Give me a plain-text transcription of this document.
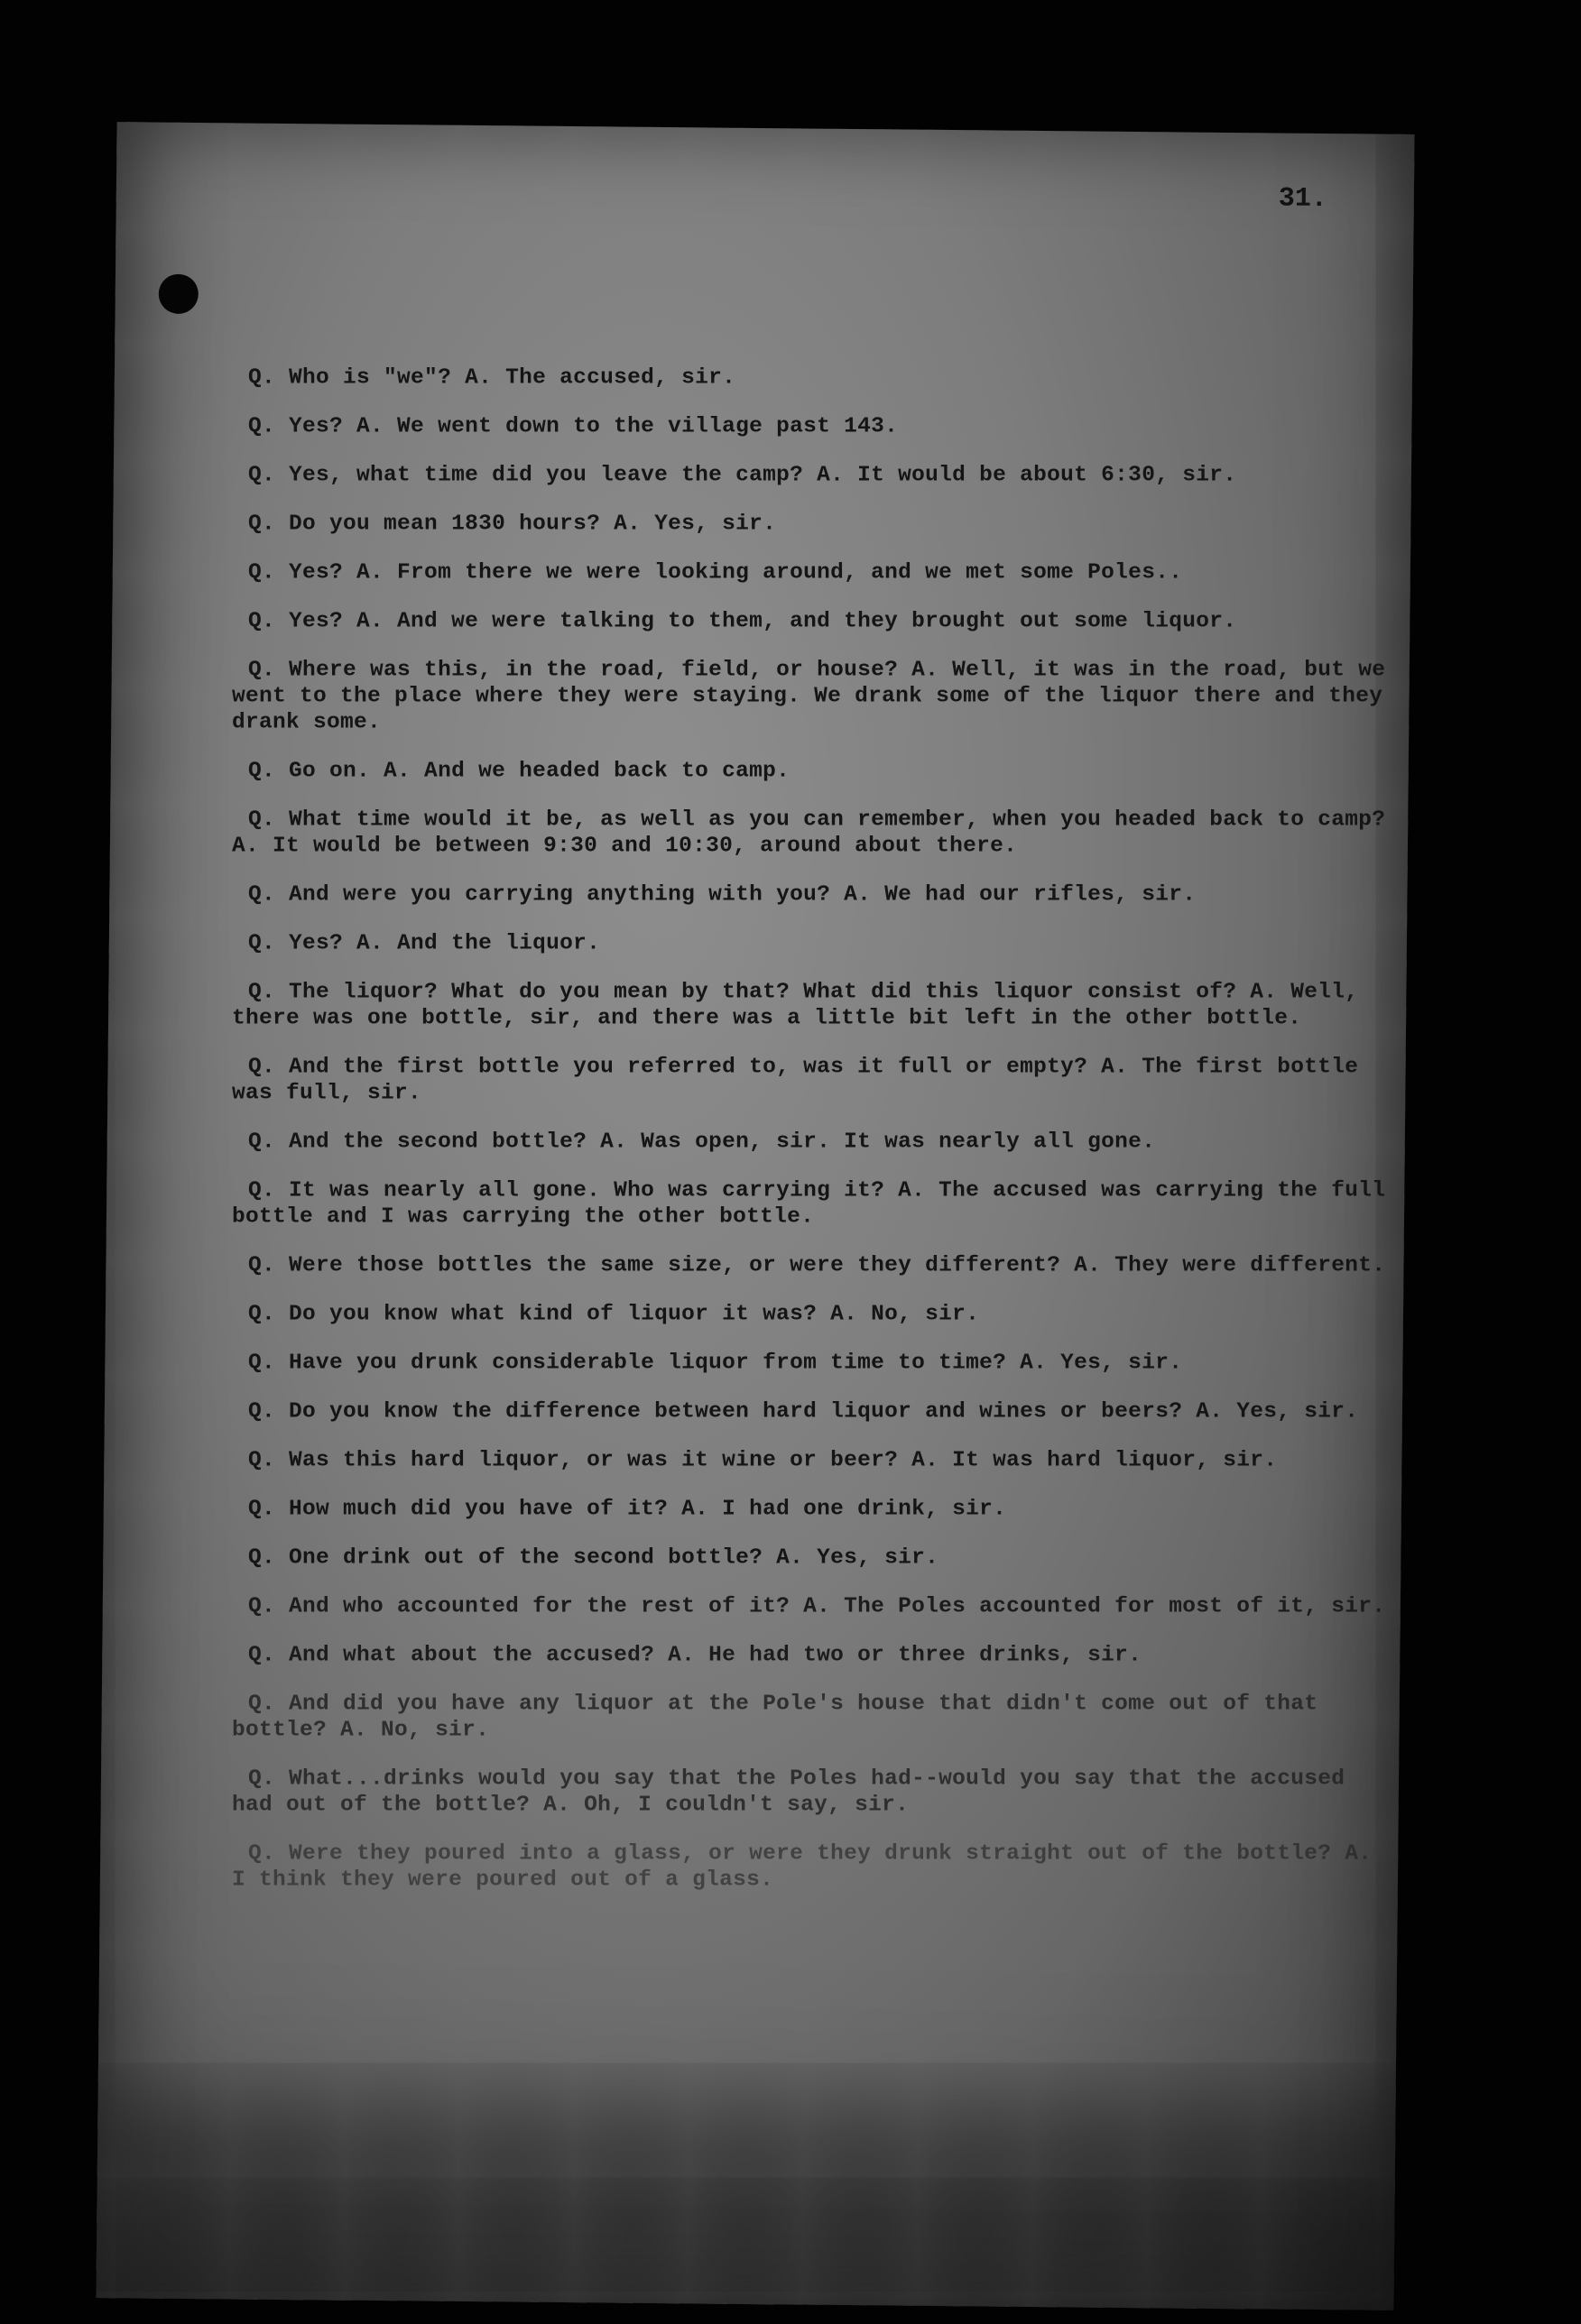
31.

Q. Who is "we"? A. The accused, sir.

Q. Yes? A. We went down to the village past 143.

Q. Yes, what time did you leave the camp? A. It would be about 6:30, sir.

Q. Do you mean 1830 hours? A. Yes, sir.

Q. Yes? A. From there we were looking around, and we met some Poles..

Q. Yes? A. And we were talking to them, and they brought out some liquor.

Q. Where was this, in the road, field, or house? A. Well, it was in the road, but we went to the place where they were staying. We drank some of the liquor there and they drank some.

Q. Go on. A. And we headed back to camp.

Q. What time would it be, as well as you can remember, when you headed back to camp? A. It would be between 9:30 and 10:30, around about there.

Q. And were you carrying anything with you? A. We had our rifles, sir.

Q. Yes? A. And the liquor.

Q. The liquor? What do you mean by that? What did this liquor consist of? A. Well, there was one bottle, sir, and there was a little bit left in the other bottle.

Q. And the first bottle you referred to, was it full or empty? A. The first bottle was full, sir.

Q. And the second bottle? A. Was open, sir. It was nearly all gone.

Q. It was nearly all gone. Who was carrying it? A. The accused was carrying the full bottle and I was carrying the other bottle.

Q. Were those bottles the same size, or were they different? A. They were different.

Q. Do you know what kind of liquor it was? A. No, sir.

Q. Have you drunk considerable liquor from time to time? A. Yes, sir.

Q. Do you know the difference between hard liquor and wines or beers? A. Yes, sir.

Q. Was this hard liquor, or was it wine or beer? A. It was hard liquor, sir.

Q. How much did you have of it? A. I had one drink, sir.

Q. One drink out of the second bottle? A. Yes, sir.

Q. And who accounted for the rest of it? A. The Poles accounted for most of it, sir.

Q. And what about the accused? A. He had two or three drinks, sir.

Q. And did you have any liquor at the Pole's house that didn't come out of that bottle? A. No, sir.

Q. What...drinks would you say that the Poles had--would you say that the accused had out of the bottle? A. Oh, I couldn't say, sir.

Q. Were they poured into a glass, or were they drunk straight out of the bottle? A. I think they were poured out of a glass.
